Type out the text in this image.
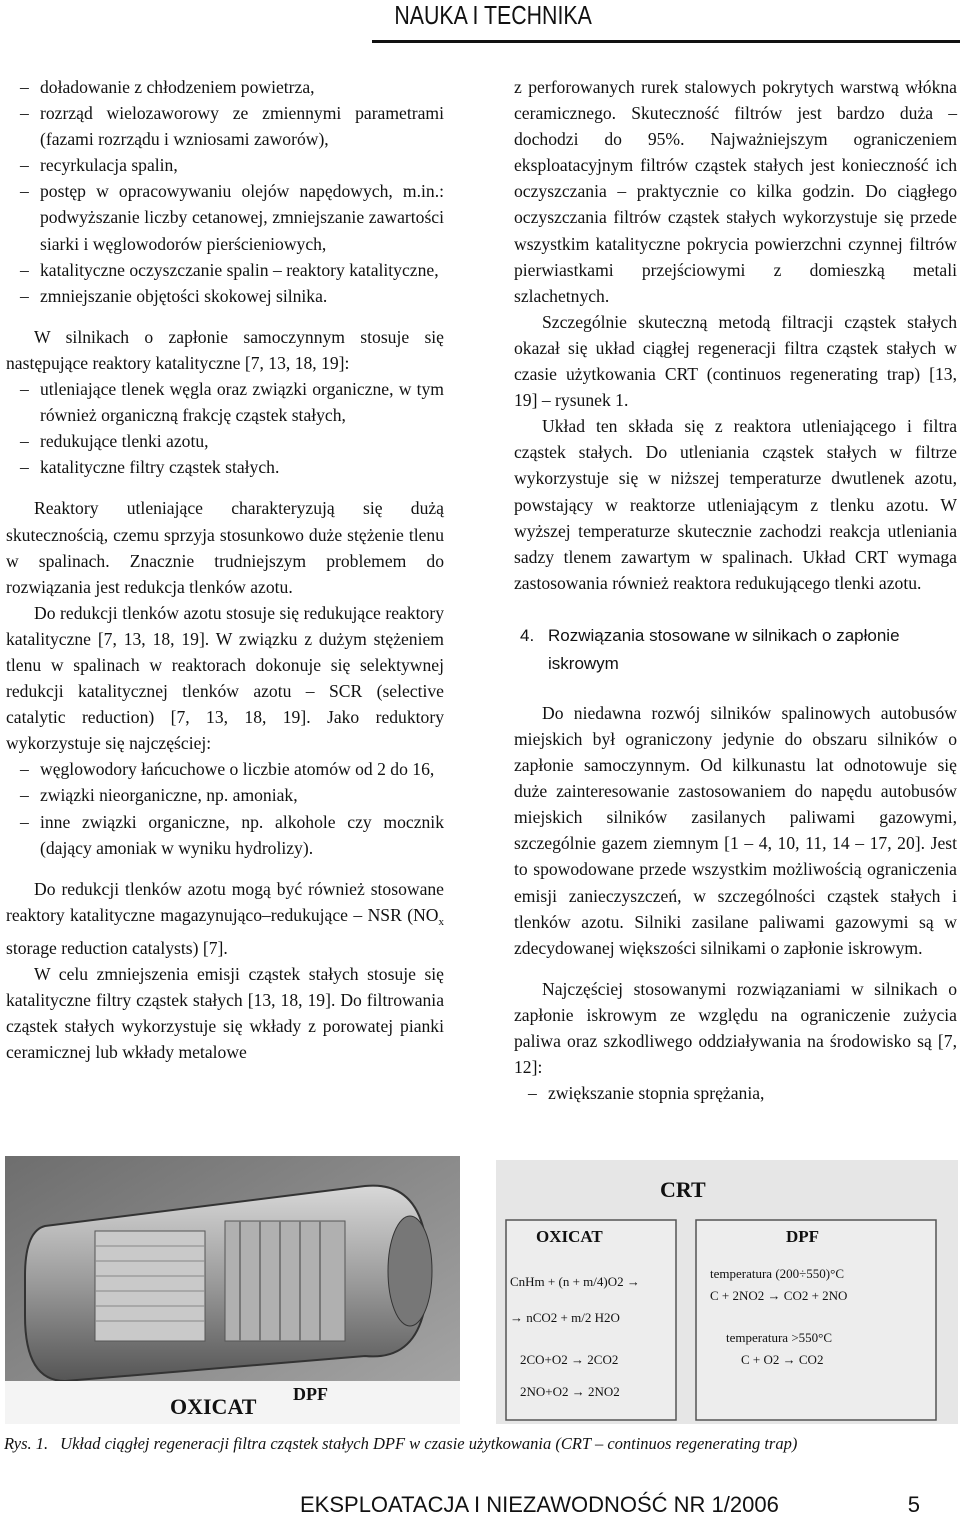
NAUKA I TECHNIKA
– doładowanie z chłodzeniem powietrza,
– rozrząd wielozaworowy ze zmiennymi parametrami (fazami rozrządu i wzniosami zaworów),
– recyrkulacja spalin,
– postęp w opracowywaniu olejów napędowych, m.in.: podwyższanie liczby cetanowej, zmniejszanie zawartości siarki i węglowodorów pierścieniowych,
– katalityczne oczyszczanie spalin – reaktory katalityczne,
– zmniejszanie objętości skokowej silnika.

W silnikach o zapłonie samoczynnym stosuje się następujące reaktory katalityczne [7, 13, 18, 19]:

– utleniające tlenek węgla oraz związki organiczne, w tym również organiczną frakcję cząstek stałych,
– redukujące tlenki azotu,
– katalityczne filtry cząstek stałych.

Reaktory utleniające charakteryzują się dużą skutecznością, czemu sprzyja stosunkowo duże stężenie tlenu w spalinach. Znacznie trudniejszym problemem do rozwiązania jest redukcja tlenków azotu.

Do redukcji tlenków azotu stosuje się redukujące reaktory katalityczne [7, 13, 18, 19]. W związku z dużym stężeniem tlenu w spalinach w reaktorach dokonuje się selektywnej redukcji katalitycznej tlenków azotu – SCR (selective catalytic reduction) [7, 13, 18, 19]. Jako reduktory wykorzystuje się najczęściej:

– węglowodory łańcuchowe o liczbie atomów od 2 do 16,
– związki nieorganiczne, np. amoniak,
– inne związki organiczne, np. alkohole czy mocznik (dający amoniak w wyniku hydrolizy).

Do redukcji tlenków azotu mogą być również stosowane reaktory katalityczne magazynująco–redukujące – NSR ($NO_x$ storage reduction catalysts) [7].

W celu zmniejszenia emisji cząstek stałych stosuje się katalityczne filtry cząstek stałych [13, 18, 19]. Do filtrowania cząstek stałych wykorzystuje się wkłady z porowatej pianki ceramicznej lub wkłady metalowe

z perforowanych rurek stalowych pokrytych warstwą włókna ceramicznego. Skuteczność filtrów jest bardzo duża – dochodzi do 95%. Najważniejszym ograniczeniem eksploatacyjnym filtrów cząstek stałych jest konieczność ich oczyszczania – praktycznie co kilka godzin. Do ciągłego oczyszczania filtrów cząstek stałych wykorzystuje się przede wszystkim katalityczne pokrycia powierzchni czynnej filtrów pierwiastkami przejściowymi z domieszką metali szlachetnych.

Szczególnie skuteczną metodą filtracji cząstek stałych okazał się układ ciągłej regeneracji filtra cząstek stałych w czasie użytkowania CRT (continuos regenerating trap) [13, 19] – rysunek 1.

Układ ten składa się z reaktora utleniającego i filtra cząstek stałych. Do utleniania cząstek stałych w filtrze wykorzystuje się w niższej temperaturze dwutlenek azotu, powstający w reaktorze utleniającym z tlenku azotu. W wyższej temperaturze skutecznie zachodzi reakcja utleniania sadzy tlenem zawartym w spalinach. Układ CRT wymaga zastosowania również reaktora redukującego tlenki azotu.

4. Rozwiązania stosowane w silnikach o zapłonie
iskrowym

Do niedawna rozwój silników spalinowych autobusów miejskich był ograniczony jedynie do obszaru silników o zapłonie samoczynnym. Od kilkunastu lat odnotowuje się duże zainteresowanie zastosowaniem do napędu autobusów miejskich silników zasilanych paliwami gazowymi, szczególnie gazem ziemnym [1 – 4, 10, 11, 14 – 17, 20]. Jest to spowodowane przede wszystkim możliwością ograniczenia emisji zanieczyszczeń, w szczególności cząstek stałych i tlenków azotu. Silniki zasilane paliwami gazowymi są w zdecydowanej większości silnikami o zapłonie iskrowym.

Najczęściej stosowanymi rozwiązaniami w silnikach o zapłonie iskrowym ze względu na ograniczenie zużycia paliwa oraz szkodliwego oddziaływania na środowisko są [7, 12]:

– zwiększanie stopnia sprężania,
OXICAT DPF
CRT
OXICAT	DPF
CnHm + (n + m/4)O2 →
→ nCO2 + m/2 H2O
2CO+O2 → 2CO2
2NO+O2 → 2NO2
temperatura (200÷550)°C
C + 2NO2 → CO2 + 2NO
temperatura >550°C
C + O2 → CO2
Rys. 1. Układ ciągłej regeneracji filtra cząstek stałych DPF w czasie użytkowania (CRT – continuos regenerating trap)
EKSPLOATACJA I NIEZAWODNOŚĆ NR 1/2006	5
